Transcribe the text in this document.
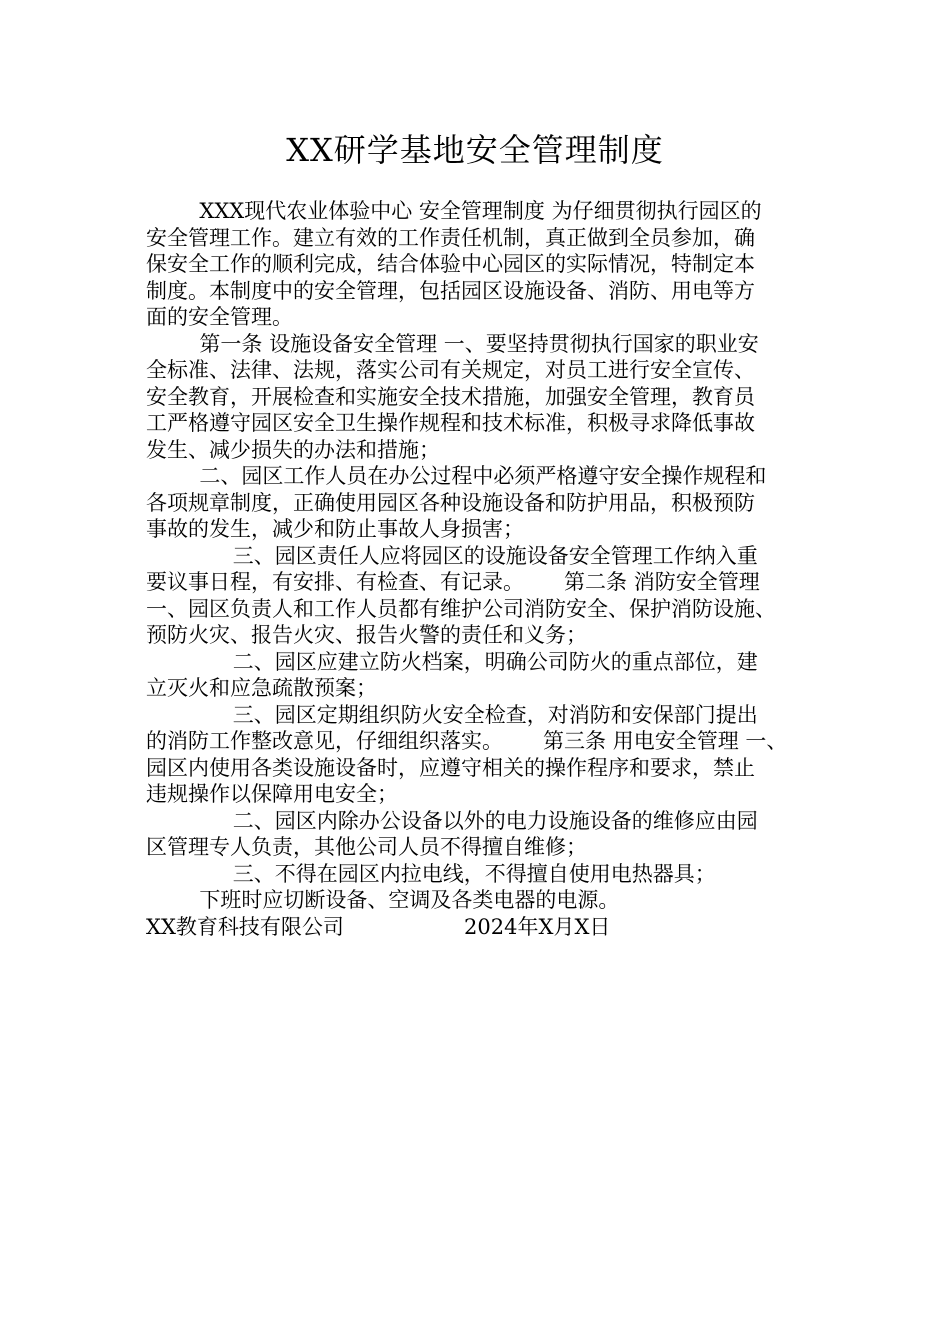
XX研学基地安全管理制度
XXX现代农业体验中心 安全管理制度 为仔细贯彻执行园区的
安全管理工作。建立有效的工作责任机制，真正做到全员参加，确
保安全工作的顺利完成，结合体验中心园区的实际情况，特制定本
制度。本制度中的安全管理，包括园区设施设备、消防、用电等方
面的安全管理。
第一条 设施设备安全管理 一、要坚持贯彻执行国家的职业安
全标准、法律、法规，落实公司有关规定，对员工进行安全宣传、
安全教育，开展检查和实施安全技术措施，加强安全管理，教育员
工严格遵守园区安全卫生操作规程和技术标准，积极寻求降低事故
发生、减少损失的办法和措施；
二、园区工作人员在办公过程中必须严格遵守安全操作规程和
各项规章制度，正确使用园区各种设施设备和防护用品，积极预防
事故的发生，减少和防止事故人身损害；
三、园区责任人应将园区的设施设备安全管理工作纳入重
要议事日程，有安排、有检查、有记录。      第二条 消防安全管理
一、园区负责人和工作人员都有维护公司消防安全、保护消防设施、
预防火灾、报告火灾、报告火警的责任和义务；
二、园区应建立防火档案，明确公司防火的重点部位，建
立灭火和应急疏散预案；
三、园区定期组织防火安全检查，对消防和安保部门提出
的消防工作整改意见，仔细组织落实。      第三条 用电安全管理 一、
园区内使用各类设施设备时，应遵守相关的操作程序和要求，禁止
违规操作以保障用电安全；
二、园区内除办公设备以外的电力设施设备的维修应由园
区管理专人负责，其他公司人员不得擅自维修；
三、不得在园区内拉电线，不得擅自使用电热器具；
下班时应切断设备、空调及各类电器的电源。
XX教育科技有限公司                  2024年X月X日
